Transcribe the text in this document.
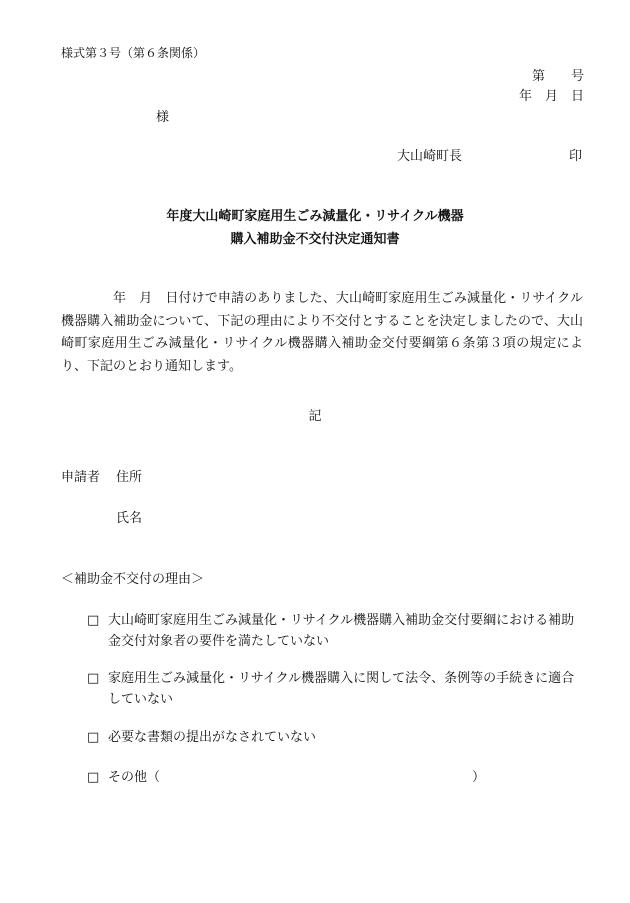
様式第３号（第６条関係）
第　　号
年　月　日
様
大山崎町長	印
年度大山崎町家庭用生ごみ減量化・リサイクル機器
購入補助金不交付決定通知書
年　月　日付けで申請のありました、大山崎町家庭用生ごみ減量化・リサイクル機器購入補助金について、下記の理由により不交付とすることを決定しましたので、大山崎町家庭用生ごみ減量化・リサイクル機器購入補助金交付要綱第６条第３項の規定により、下記のとおり通知します。
記
申請者 住所
氏名
＜補助金不交付の理由＞
□ 大山崎町家庭用生ごみ減量化・リサイクル機器購入補助金交付要綱における補助金交付対象者の要件を満たしていない
□ 家庭用生ごみ減量化・リサイクル機器購入に関して法令、条例等の手続きに適合していない
□ 必要な書類の提出がなされていない
□ その他（	）
